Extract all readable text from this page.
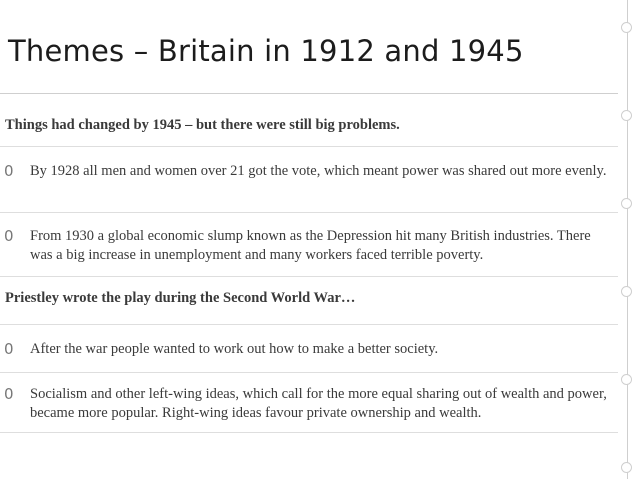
Themes – Britain in 1912 and 1945

Things had changed by 1945 – but there were still big problems.

0 By 1928 all men and women over 21 got the vote, which meant power was shared out more evenly.
0 From 1930 a global economic slump known as the Depression hit many British industries. There was a big increase in unemployment and many workers faced terrible poverty.

Priestley wrote the play during the Second World War…

0 After the war people wanted to work out how to make a better society.
0 Socialism and other left-wing ideas, which call for the more equal sharing out of wealth and power, became more popular. Right-wing ideas favour private ownership and wealth.
